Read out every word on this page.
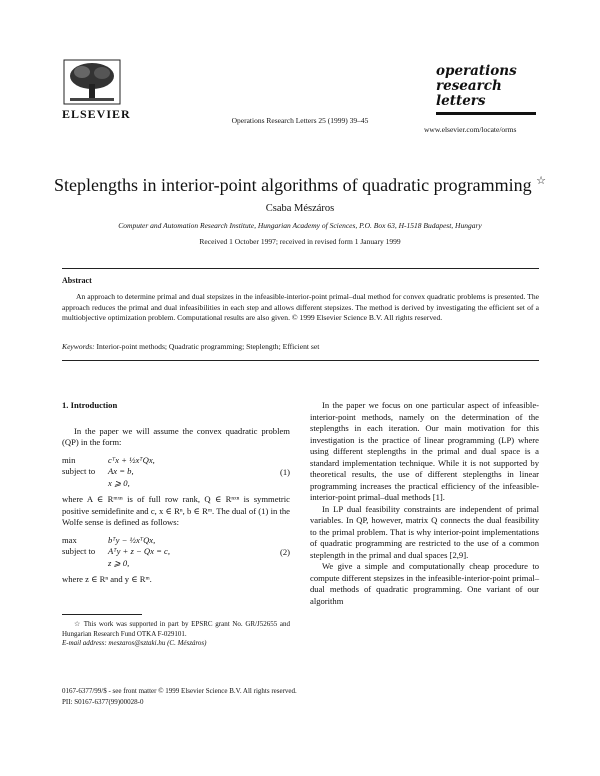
ELSEVIER	Operations Research Letters 25 (1999) 39–45
operations
research
letters
www.elsevier.com/locate/orms
Steplengths in interior-point algorithms of quadratic programming ☆
Csaba Mészáros
Computer and Automation Research Institute, Hungarian Academy of Sciences, P.O. Box 63, H-1518 Budapest, Hungary
Received 1 October 1997; received in revised form 1 January 1999
Abstract
An approach to determine primal and dual stepsizes in the infeasible-interior-point primal–dual method for convex quadratic problems is presented. The approach reduces the primal and dual infeasibilities in each step and allows different stepsizes. The method is derived by investigating the efficient set of a multiobjective optimization problem. Computational results are also given. © 1999 Elsevier Science B.V. All rights reserved.
Keywords: Interior-point methods; Quadratic programming; Steplength; Efficient set
1. Introduction

In the paper we will assume the convex quadratic problem (QP) in the form:

min	cᵀx + ½xᵀQx,
subject to Ax = b,
x ⩾ 0,
(1)

where A ∈ Rᵐˣⁿ is of full row rank, Q ∈ Rⁿˣⁿ is symmetric positive semidefinite and c, x ∈ Rⁿ, b ∈ Rᵐ. The dual of (1) in the Wolfe sense is defined as follows:

max	bᵀy − ½xᵀQx,
subject to Aᵀy + z − Qx = c,
z ⩾ 0,
(2)

where z ∈ Rⁿ and y ∈ Rᵐ.

☆ This work was supported in part by EPSRC grant No. GR/J52655 and Hungarian Research Fund OTKA F-029101.
E-mail address: meszaros@sztaki.hu (C. Mészáros)

In the paper we focus on one particular aspect of infeasible-interior-point methods, namely on the determination of the steplengths in each iteration. Our main motivation for this investigation is the practice of linear programming (LP) where using different steplengths in the primal and dual space is a standard implementation technique. While it is not supported by theoretical results, the use of different steplengths in linear programming increases the practical efficiency of the infeasible-interior-point primal–dual methods [1].

In LP dual feasibility constraints are independent of primal variables. In QP, however, matrix Q connects the dual feasibility to the primal problem. That is why interior-point implementations of quadratic programming are restricted to the use of a common steplength in the primal and dual spaces [2,9].

We give a simple and computationally cheap procedure to compute different stepsizes in the infeasible-interior-point primal–dual methods of quadratic programming. One variant of our algorithm

0167-6377/99/$ - see front matter © 1999 Elsevier Science B.V. All rights reserved.
PII: S0167-6377(99)00028-0
